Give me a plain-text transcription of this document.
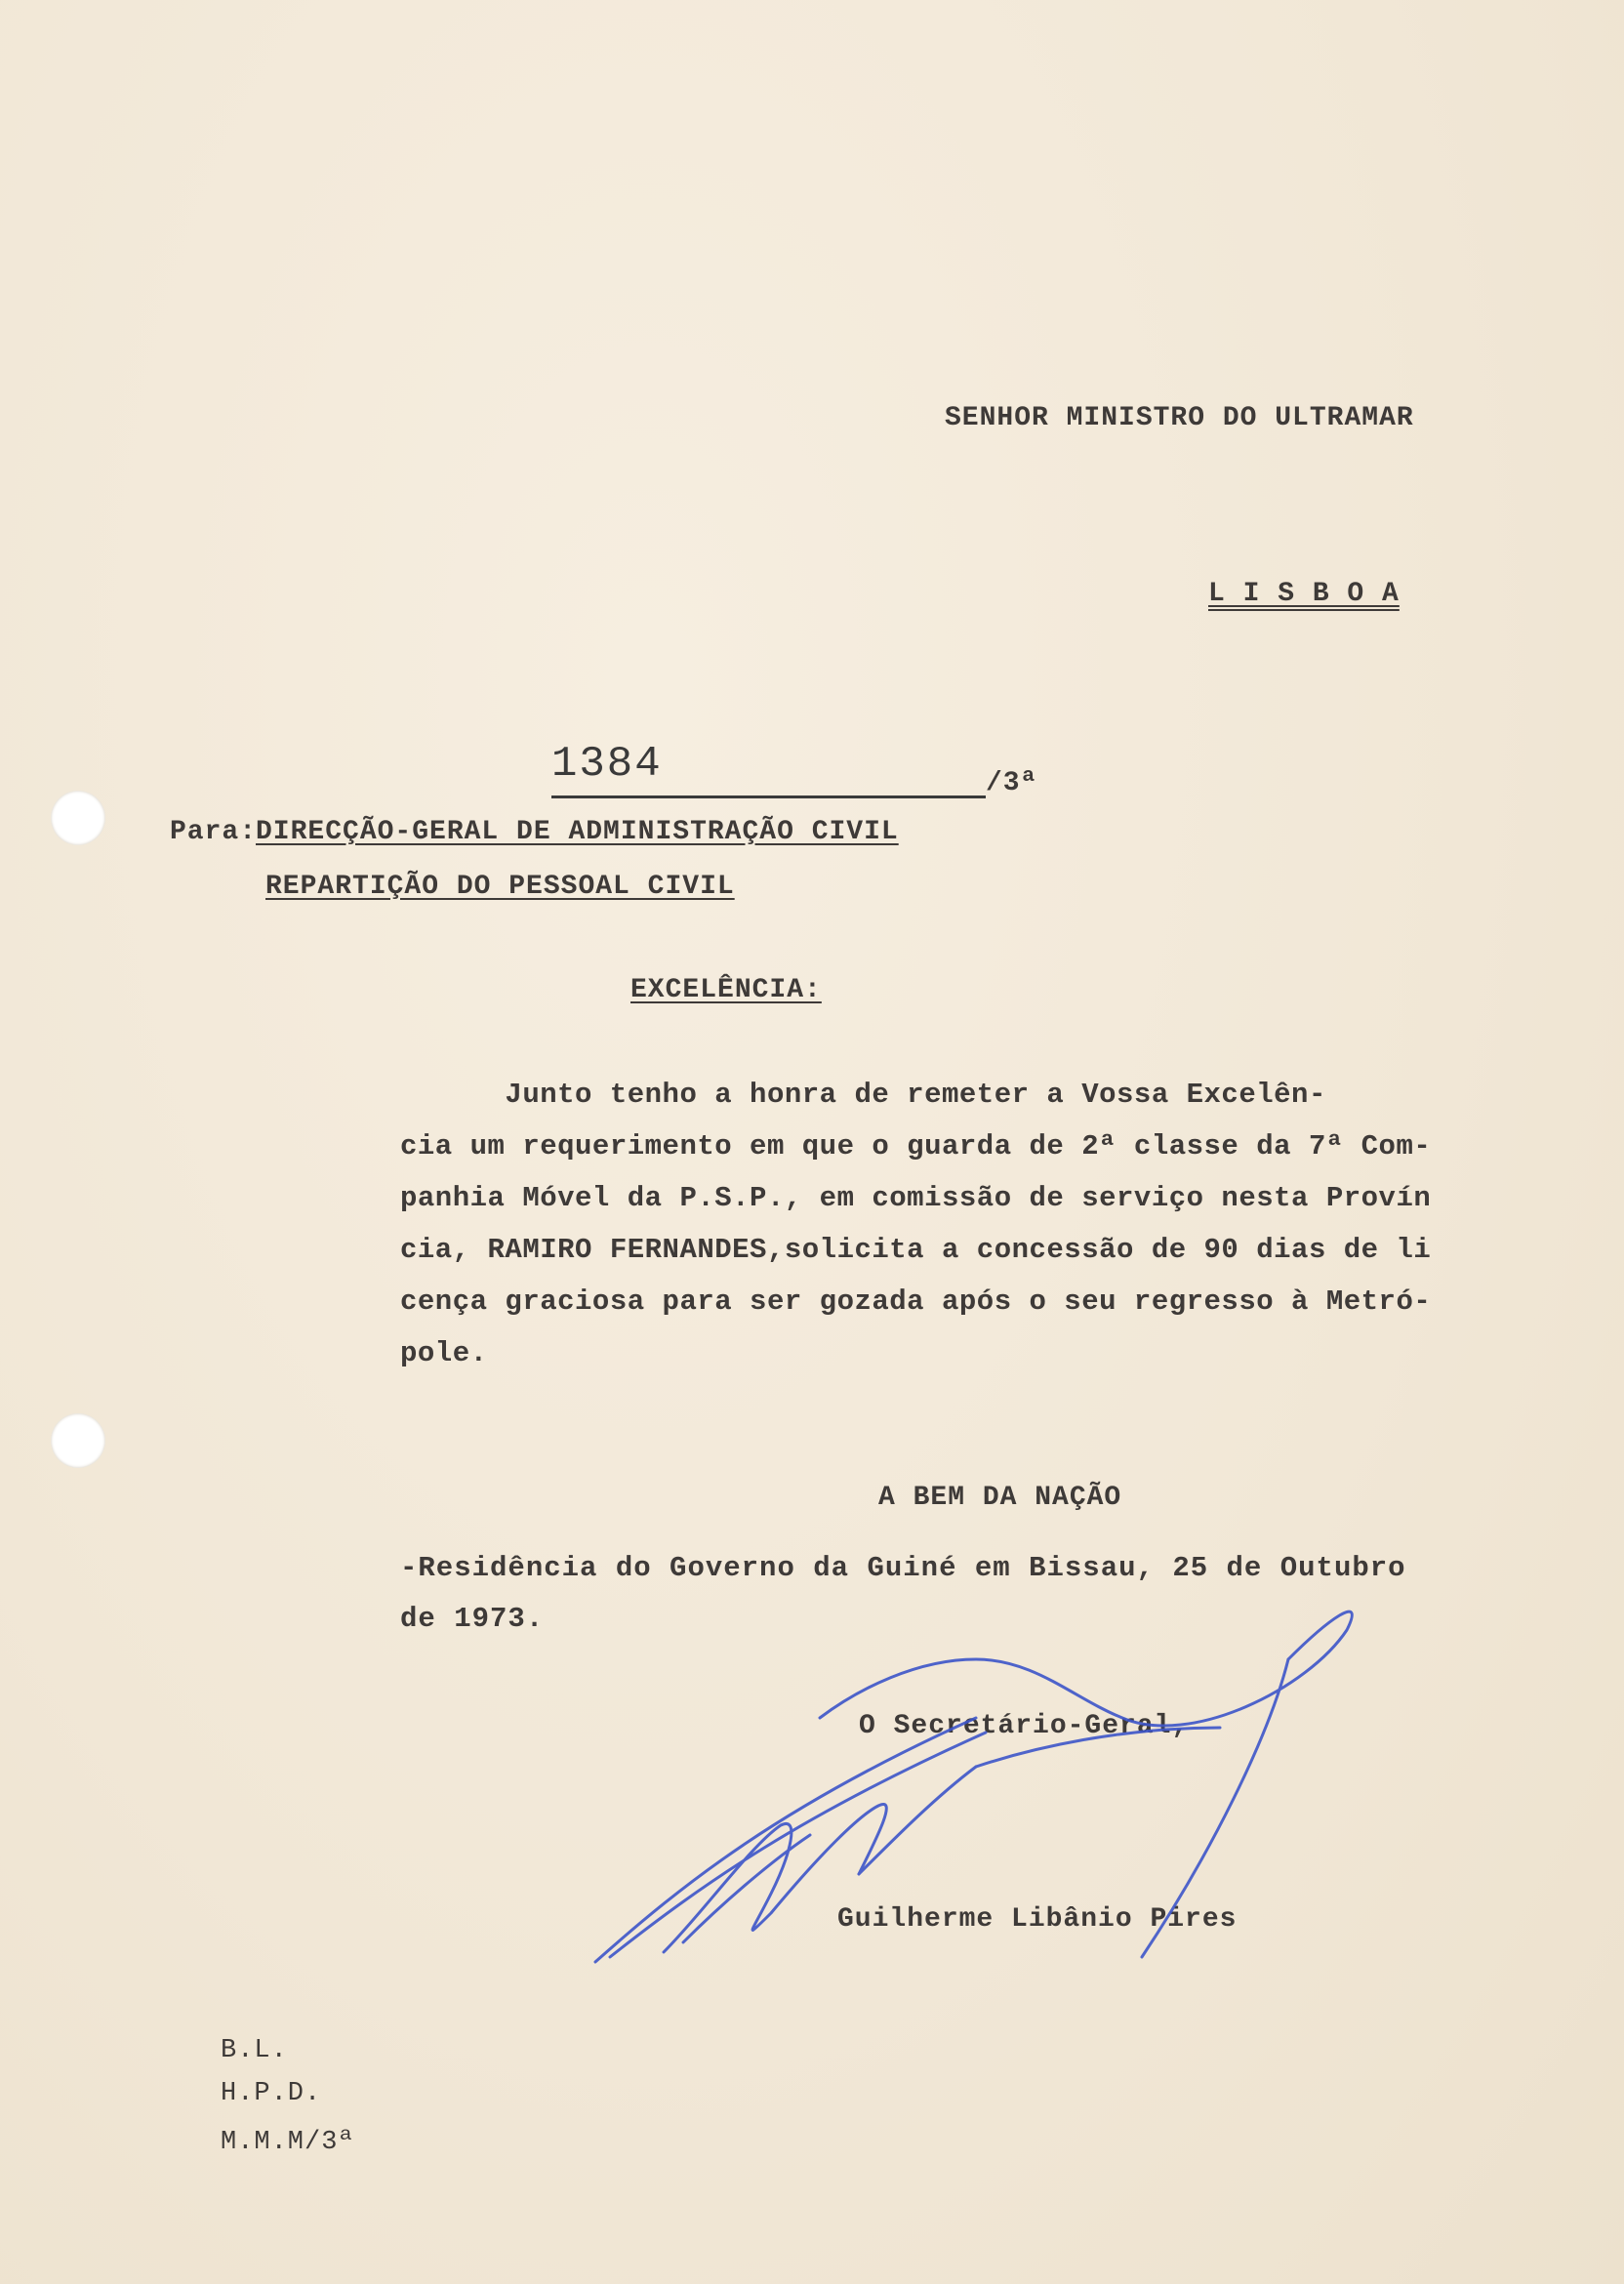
SENHOR MINISTRO DO ULTRAMAR
L I S B O A
1384	/3ª
Para:
DIRECÇÃO-GERAL DE ADMINISTRAÇÃO CIVIL
REPARTIÇÃO DO PESSOAL CIVIL
EXCELÊNCIA:
Junto tenho a honra de remeter a Vossa Excelên-
cia um requerimento em que o guarda de 2ª classe da 7ª Com-
panhia Móvel da P.S.P., em comissão de serviço nesta Provín
cia, RAMIRO FERNANDES,solicita a concessão de 90 dias de li
cença graciosa para ser gozada após o seu regresso à Metró-
pole.
A BEM DA NAÇÃO
-Residência do Governo da Guiné em Bissau, 25 de Outubro
de 1973.
O Secretário-Geral,
Guilherme Libânio Pires
B.L.
H.P.D.
M.M.M/3ª
